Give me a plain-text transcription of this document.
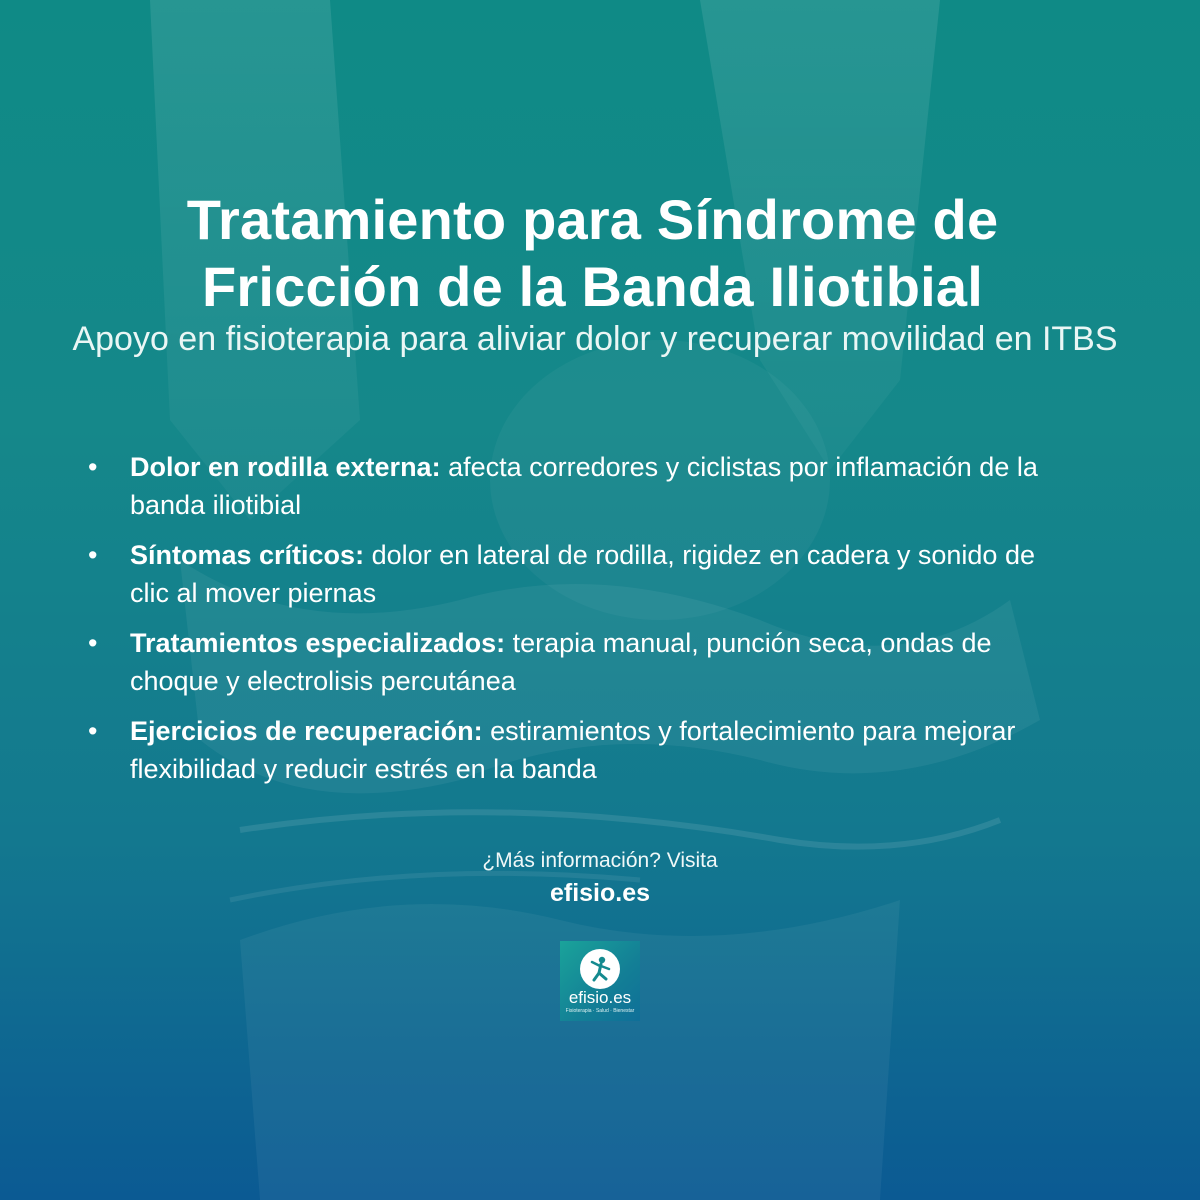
Tratamiento para Síndrome de Fricción de la Banda Iliotibial

Apoyo en fisioterapia para aliviar dolor y recuperar movilidad en ITBS

• Dolor en rodilla externa: afecta corredores y ciclistas por inflamación de la banda iliotibial
• Síntomas críticos: dolor en lateral de rodilla, rigidez en cadera y sonido de clic al mover piernas
• Tratamientos especializados: terapia manual, punción seca, ondas de choque y electrolisis percutánea
• Ejercicios de recuperación: estiramientos y fortalecimiento para mejorar flexibilidad y reducir estrés en la banda
¿Más información? Visita
efisio.es
efisio.es
Fisioterapia · Salud · Bienestar
